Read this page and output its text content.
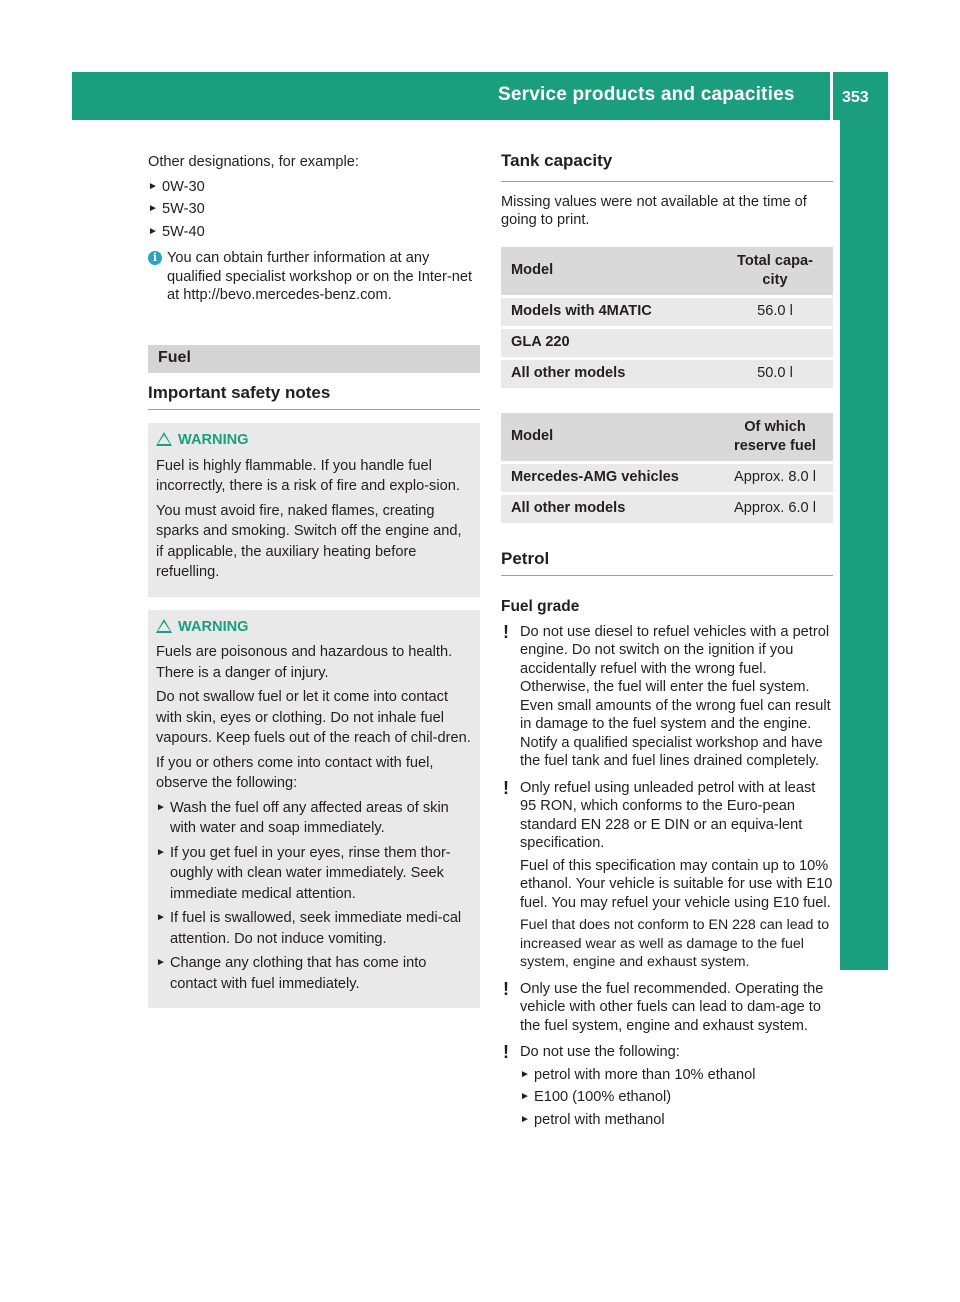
Service products and capacities	353
Technical data

Other designations, for example:

► 0W-30
► 5W-30
► 5W-40
i You can obtain further information at any qualified specialist workshop or on the Inter-net at http://bevo.mercedes-benz.com.
Fuel
Important safety notes
WARNING

Fuel is highly flammable. If you handle fuel incorrectly, there is a risk of fire and explo-sion.

You must avoid fire, naked flames, creating sparks and smoking. Switch off the engine and, if applicable, the auxiliary heating before refuelling.

WARNING

Fuels are poisonous and hazardous to health. There is a danger of injury.

Do not swallow fuel or let it come into contact with skin, eyes or clothing. Do not inhale fuel vapours. Keep fuels out of the reach of chil-dren.

If you or others come into contact with fuel, observe the following:

► Wash the fuel off any affected areas of skin with water and soap immediately.
► If you get fuel in your eyes, rinse them thor-oughly with clean water immediately. Seek immediate medical attention.
► If fuel is swallowed, seek immediate medi-cal attention. Do not induce vomiting.
► Change any clothing that has come into contact with fuel immediately.
Tank capacity

Missing values were not available at the time of going to print.

Model	Total capa-city
Models with 4MATIC	56.0 l
GLA 220	
All other models	50.0 l
Model	Of which reserve fuel
Mercedes-AMG vehicles	Approx. 8.0 l
All other models	Approx. 6.0 l
Petrol

Fuel grade

! Do not use diesel to refuel vehicles with a petrol engine. Do not switch on the ignition if you accidentally refuel with the wrong fuel. Otherwise, the fuel will enter the fuel system. Even small amounts of the wrong fuel can result in damage to the fuel system and the engine. Notify a qualified specialist workshop and have the fuel tank and fuel lines drained completely.
! Only refuel using unleaded petrol with at least 95 RON, which conforms to the Euro-pean standard EN 228 or E DIN or an equiva-lent specification.

Fuel of this specification may contain up to 10% ethanol. Your vehicle is suitable for use with E10 fuel. You may refuel your vehicle using E10 fuel.

Fuel that does not conform to EN 228 can lead to increased wear as well as damage to the fuel system, engine and exhaust system.

! Only use the fuel recommended. Operating the vehicle with other fuels can lead to dam-age to the fuel system, engine and exhaust system.
! Do not use the following:
► petrol with more than 10% ethanol
► E100 (100% ethanol)
► petrol with methanol
